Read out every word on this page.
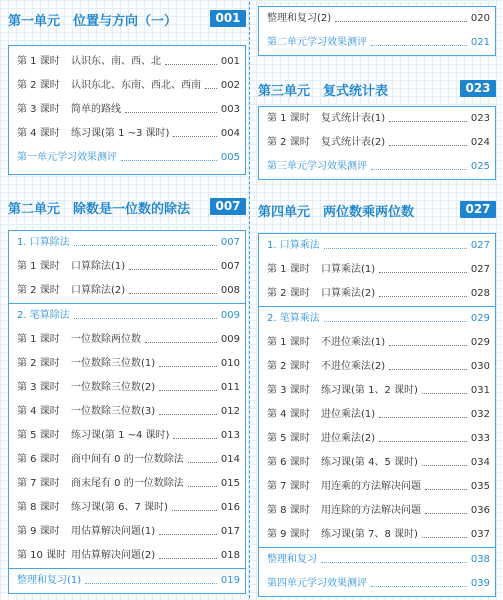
第一单元　位置与方向（一）	001
第 1 课时 认识东、南、西、北	001
第 2 课时 认识东北、东南、西北、西南 002
第 3 课时 简单的路线	003
第 4 课时 练习课(第 1 ~3 课时)	004
第一单元学习效果测评	005
第二单元　除数是一位数的除法	007
1. 口算除法	007
第 1 课时 口算除法(1)	007
第 2 课时 口算除法(2)	008
2. 笔算除法	009
第 1 课时 一位数除两位数	009
第 2 课时 一位数除三位数(1)	010
第 3 课时 一位数除三位数(2)	011
第 4 课时 一位数除三位数(3)	012
第 5 课时 练习课(第 1 ~4 课时)	013
第 6 课时 商中间有 0 的一位数除法	014
第 7 课时 商末尾有 0 的一位数除法	015
第 8 课时 练习课(第 6、7 课时)	016
第 9 课时 用估算解决问题(1)	017
第 10 课时 用估算解决问题(2)	018
整理和复习(1)	019
整理和复习(2)	020
第二单元学习效果测评	021
第三单元　复式统计表	023
第 1 课时 复式统计表(1)	023
第 2 课时 复式统计表(2)	024
第三单元学习效果测评	025
第四单元　两位数乘两位数	027
1. 口算乘法	027
第 1 课时 口算乘法(1)	027
第 2 课时 口算乘法(2)	028
2. 笔算乘法	029
第 1 课时 不进位乘法(1)	029
第 2 课时 不进位乘法(2)	030
第 3 课时 练习课(第 1、2 课时)	031
第 4 课时 进位乘法(1)	032
第 5 课时 进位乘法(2)	033
第 6 课时 练习课(第 4、5 课时)	034
第 7 课时 用连乘的方法解决问题	035
第 8 课时 用连除的方法解决问题	036
第 9 课时 练习课(第 7、8 课时)	037
整理和复习	038
第四单元学习效果测评	039
